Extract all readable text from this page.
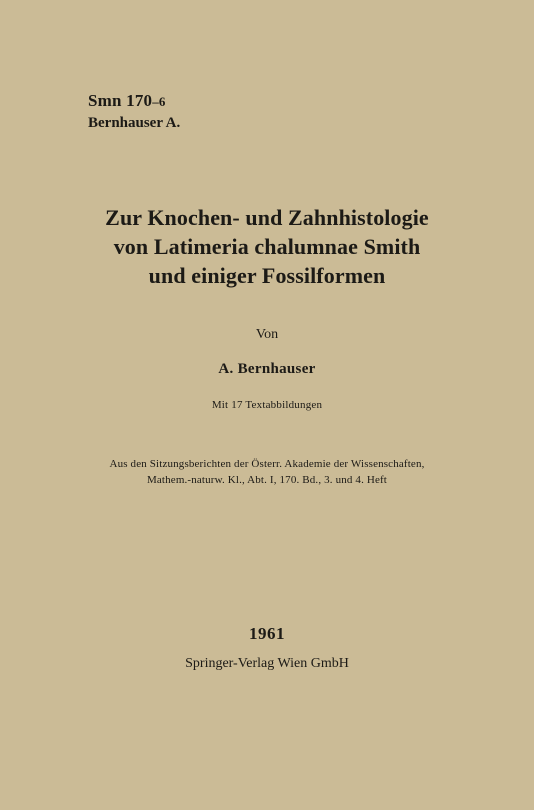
Smn 170–6
Bernhauser A.
Zur Knochen- und Zahnhistologie
von Latimeria chalumnae Smith
und einiger Fossilformen
Von
A. Bernhauser
Mit 17 Textabbildungen
Aus den Sitzungsberichten der Österr. Akademie der Wissenschaften,
Mathem.-naturw. Kl., Abt. I, 170. Bd., 3. und 4. Heft
1961
Springer-Verlag Wien GmbH
